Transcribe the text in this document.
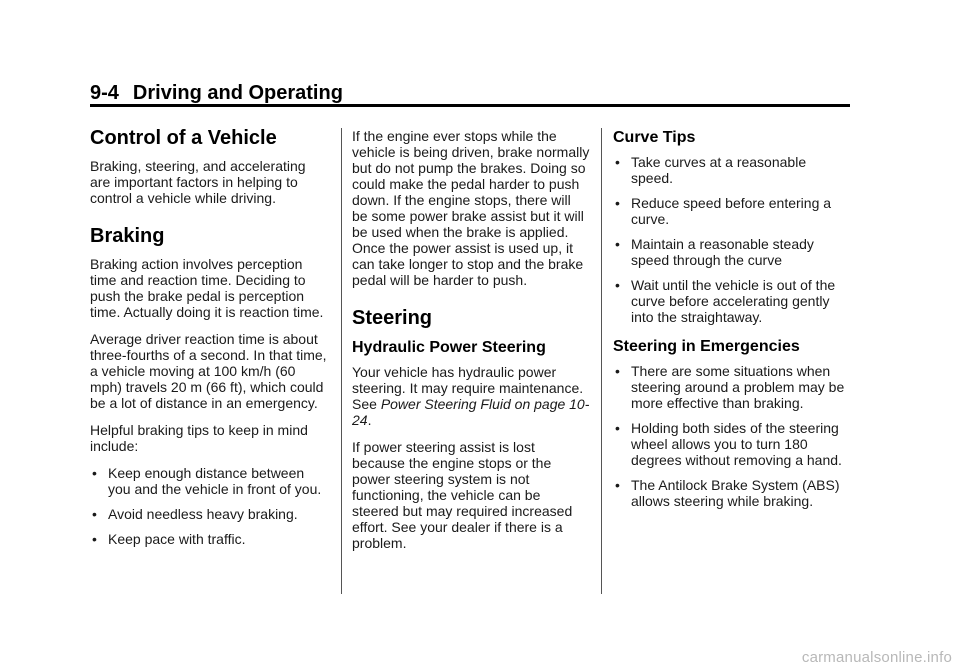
9-4 Driving and Operating
Control of a Vehicle

Braking, steering, and accelerating are important factors in helping to control a vehicle while driving.

Braking

Braking action involves perception time and reaction time. Deciding to push the brake pedal is perception time. Actually doing it is reaction time.

Average driver reaction time is about three-fourths of a second. In that time, a vehicle moving at 100 km/h (60 mph) travels 20 m (66 ft), which could be a lot of distance in an emergency.

Helpful braking tips to keep in mind include:

• Keep enough distance between you and the vehicle in front of you.
• Avoid needless heavy braking.
• Keep pace with traffic.

If the engine ever stops while the vehicle is being driven, brake normally but do not pump the brakes. Doing so could make the pedal harder to push down. If the engine stops, there will be some power brake assist but it will be used when the brake is applied. Once the power assist is used up, it can take longer to stop and the brake pedal will be harder to push.

Steering
Hydraulic Power Steering

Your vehicle has hydraulic power steering. It may require maintenance. See Power Steering Fluid on page 10-24.

If power steering assist is lost because the engine stops or the power steering system is not functioning, the vehicle can be steered but may required increased effort. See your dealer if there is a problem.

Curve Tips
• Take curves at a reasonable speed.
• Reduce speed before entering a curve.
• Maintain a reasonable steady speed through the curve
• Wait until the vehicle is out of the curve before accelerating gently into the straightaway.
Steering in Emergencies
• There are some situations when steering around a problem may be more effective than braking.
• Holding both sides of the steering wheel allows you to turn 180 degrees without removing a hand.
• The Antilock Brake System (ABS) allows steering while braking.
carmanualsonline.info
